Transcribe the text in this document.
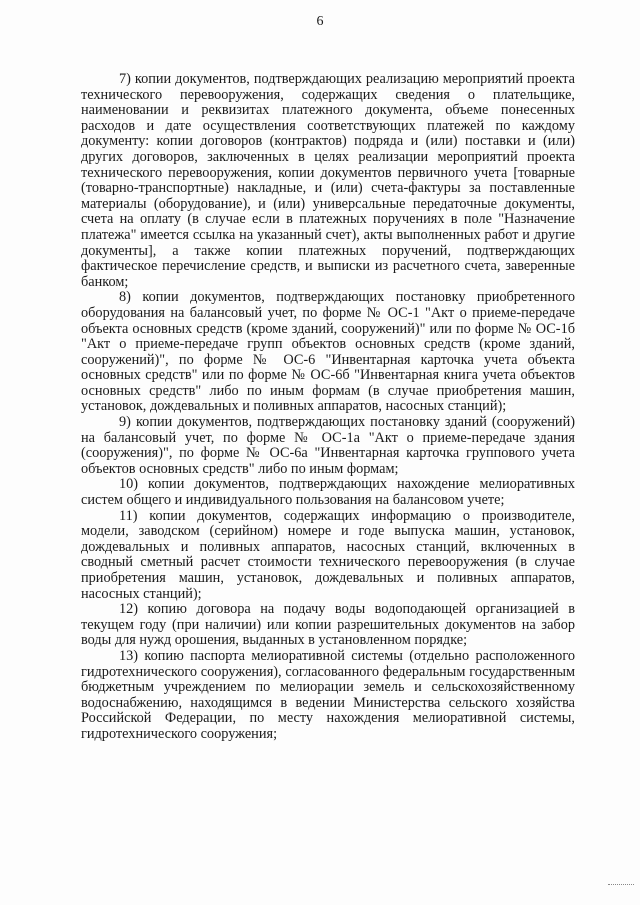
6

7) копии документов, подтверждающих реализацию мероприятий проекта технического перевооружения, содержащих сведения о плательщике, наименовании и реквизитах платежного документа, объеме понесенных расходов и дате осуществления соответствующих платежей по каждому документу: копии договоров (контрактов) подряда и (или) поставки и (или) других договоров, заключенных в целях реализации мероприятий проекта технического перевооружения, копии документов первичного учета [товарные (товарно-транспортные) накладные, и (или) счета-фактуры за поставленные материалы (оборудование), и (или) универсальные передаточные документы, счета на оплату (в случае если в платежных поручениях в поле "Назначение платежа" имеется ссылка на указанный счет), акты выполненных работ и другие документы], а также копии платежных поручений, подтверждающих фактическое перечисление средств, и выписки из расчетного счета, заверенные банком;

8) копии документов, подтверждающих постановку приобретенного оборудования на балансовый учет, по форме № ОС-1 "Акт о приеме-передаче объекта основных средств (кроме зданий, сооружений)" или по форме № ОС-1б "Акт о приеме-передаче групп объектов основных средств (кроме зданий, сооружений)", по форме № ОС-6 "Инвентарная карточка учета объекта основных средств" или по форме № ОС-6б "Инвентарная книга учета объектов основных средств" либо по иным формам (в случае приобретения машин, установок, дождевальных и поливных аппаратов, насосных станций);

9) копии документов, подтверждающих постановку зданий (сооружений) на балансовый учет, по форме № ОС-1а "Акт о приеме-передаче здания (сооружения)", по форме № ОС-6а "Инвентарная карточка группового учета объектов основных средств" либо по иным формам;

10) копии документов, подтверждающих нахождение мелиоративных систем общего и индивидуального пользования на балансовом учете;

11) копии документов, содержащих информацию о производителе, модели, заводском (серийном) номере и годе выпуска машин, установок, дождевальных и поливных аппаратов, насосных станций, включенных в сводный сметный расчет стоимости технического перевооружения (в случае приобретения машин, установок, дождевальных и поливных аппаратов, насосных станций);

12) копию договора на подачу воды водоподающей организацией в текущем году (при наличии) или копии разрешительных документов на забор воды для нужд орошения, выданных в установленном порядке;

13) копию паспорта мелиоративной системы (отдельно расположенного гидротехнического сооружения), согласованного федеральным государственным бюджетным учреждением по мелиорации земель и сельскохозяйственному водоснабжению, находящимся в ведении Министерства сельского хозяйства Российской Федерации, по месту нахождения мелиоративной системы, гидротехнического сооружения;
